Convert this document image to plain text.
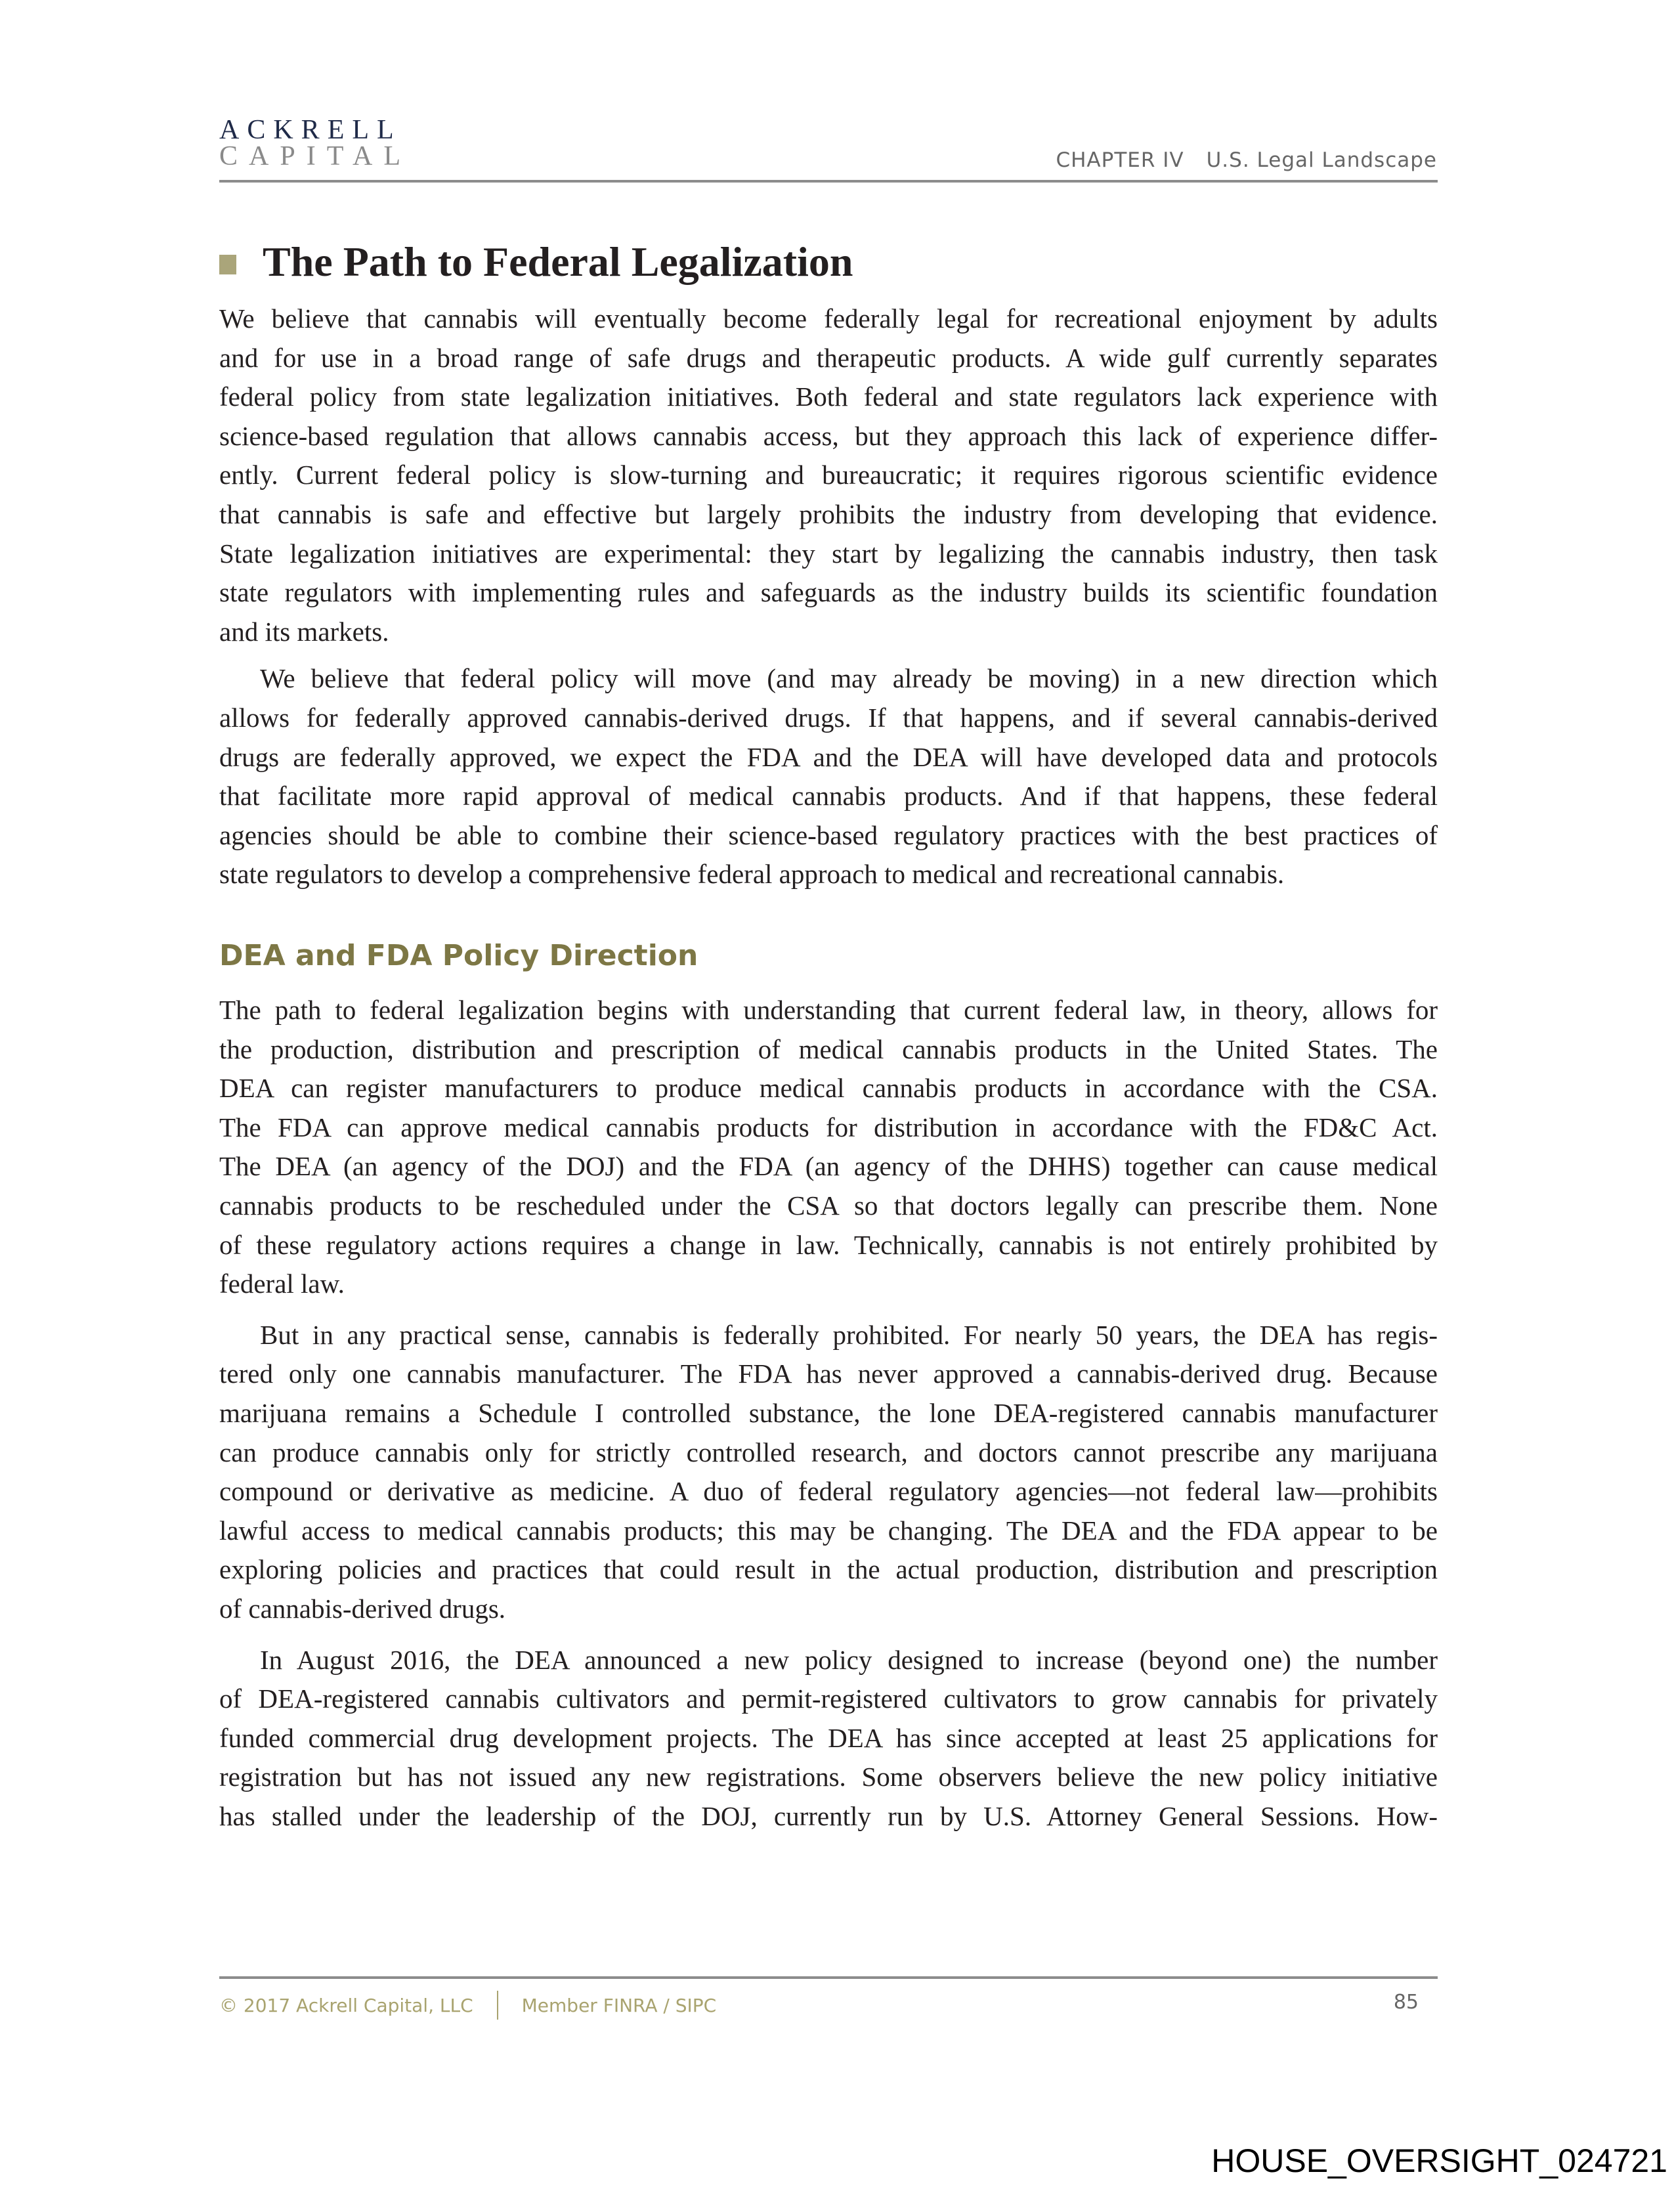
ACKRELL
CAPITAL	CHAPTER IV U.S. Legal Landscape
The Path to Federal Legalization
We believe that cannabis will eventually become federally legal for recreational enjoyment by adults
and for use in a broad range of safe drugs and therapeutic products. A wide gulf currently separates
federal policy from state legalization initiatives. Both federal and state regulators lack experience with
science-based regulation that allows cannabis access, but they approach this lack of experience differ-
ently. Current federal policy is slow-turning and bureaucratic; it requires rigorous scientific evidence
that cannabis is safe and effective but largely prohibits the industry from developing that evidence.
State legalization initiatives are experimental: they start by legalizing the cannabis industry, then task
state regulators with implementing rules and safeguards as the industry builds its scientific foundation
and its markets.
We believe that federal policy will move (and may already be moving) in a new direction which
allows for federally approved cannabis-derived drugs. If that happens, and if several cannabis-derived
drugs are federally approved, we expect the FDA and the DEA will have developed data and protocols
that facilitate more rapid approval of medical cannabis products. And if that happens, these federal
agencies should be able to combine their science-based regulatory practices with the best practices of
state regulators to develop a comprehensive federal approach to medical and recreational cannabis.
DEA and FDA Policy Direction
The path to federal legalization begins with understanding that current federal law, in theory, allows for
the production, distribution and prescription of medical cannabis products in the United States. The
DEA can register manufacturers to produce medical cannabis products in accordance with the CSA.
The FDA can approve medical cannabis products for distribution in accordance with the FD&C Act.
The DEA (an agency of the DOJ) and the FDA (an agency of the DHHS) together can cause medical
cannabis products to be rescheduled under the CSA so that doctors legally can prescribe them. None
of these regulatory actions requires a change in law. Technically, cannabis is not entirely prohibited by
federal law.
But in any practical sense, cannabis is federally prohibited. For nearly 50 years, the DEA has regis-
tered only one cannabis manufacturer. The FDA has never approved a cannabis-derived drug. Because
marijuana remains a Schedule I controlled substance, the lone DEA-registered cannabis manufacturer
can produce cannabis only for strictly controlled research, and doctors cannot prescribe any marijuana
compound or derivative as medicine. A duo of federal regulatory agencies—not federal law—prohibits
lawful access to medical cannabis products; this may be changing. The DEA and the FDA appear to be
exploring policies and practices that could result in the actual production, distribution and prescription
of cannabis-derived drugs.
In August 2016, the DEA announced a new policy designed to increase (beyond one) the number
of DEA-registered cannabis cultivators and permit-registered cultivators to grow cannabis for privately
funded commercial drug development projects. The DEA has since accepted at least 25 applications for
registration but has not issued any new registrations. Some observers believe the new policy initiative
has stalled under the leadership of the DOJ, currently run by U.S. Attorney General Sessions. How-
© 2017 Ackrell Capital, LLC	Member FINRA / SIPC	85
HOUSE_OVERSIGHT_024721
